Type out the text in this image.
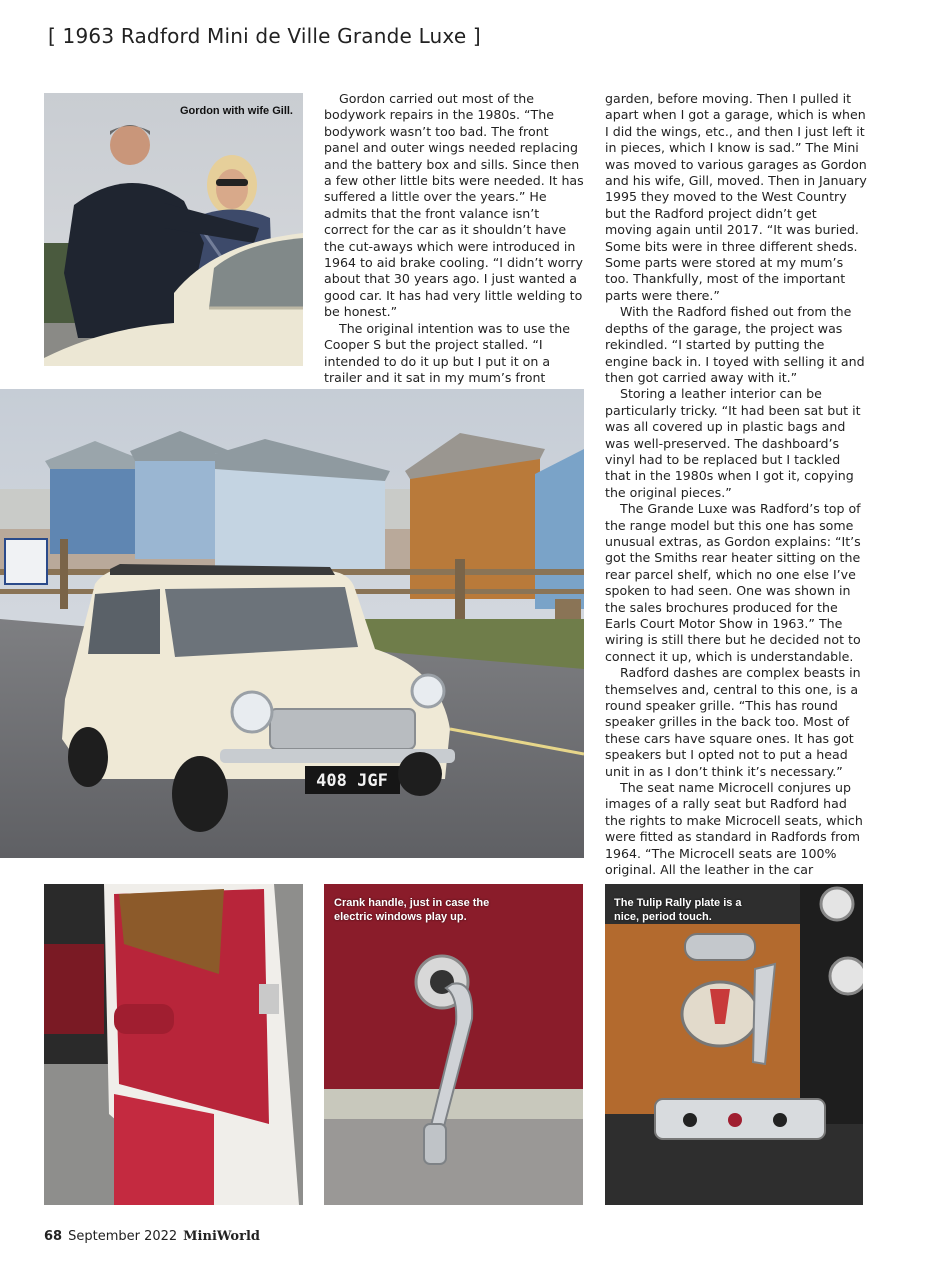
[ 1963 Radford Mini de Ville Grande Luxe ]
Gordon with wife Gill.

Gordon carried out most of the bodywork repairs in the 1980s. “The bodywork wasn’t too bad. The front panel and outer wings needed replacing and the battery box and sills. Since then a few other little bits were needed. It has suffered a little over the years.” He admits that the front valance isn’t correct for the car as it shouldn’t have the cut-aways which were introduced in 1964 to aid brake cooling. “I didn’t worry about that 30 years ago. I just wanted a good car. It has had very little welding to be honest.”

The original intention was to use the Cooper S but the project stalled. “I intended to do it up but I put it on a trailer and it sat in my mum’s front

garden, before moving. Then I pulled it apart when I got a garage, which is when I did the wings, etc., and then I just left it in pieces, which I know is sad.” The Mini was moved to various garages as Gordon and his wife, Gill, moved. Then in January 1995 they moved to the West Country but the Radford project didn’t get moving again until 2017. “It was buried. Some bits were in three different sheds. Some parts were stored at my mum’s too. Thankfully, most of the important parts were there.”

With the Radford fished out from the depths of the garage, the project was rekindled. “I started by putting the engine back in. I toyed with selling it and then got carried away with it.”

Storing a leather interior can be particularly tricky. “It had been sat but it was all covered up in plastic bags and was well-preserved. The dashboard’s vinyl had to be replaced but I tackled that in the 1980s when I got it, copying the original pieces.”

The Grande Luxe was Radford’s top of the range model but this one has some unusual extras, as Gordon explains: “It’s got the Smiths rear heater sitting on the rear parcel shelf, which no one else I’ve spoken to had seen. One was shown in the sales brochures produced for the Earls Court Motor Show in 1963.” The wiring is still there but he decided not to connect it up, which is understandable.

Radford dashes are complex beasts in themselves and, central to this one, is a round speaker grille. “This has round speaker grilles in the back too. Most of these cars have square ones. It has got speakers but I opted not to put a head unit in as I don’t think it’s necessary.”

The seat name Microcell conjures up images of a rally seat but Radford had the rights to make Microcell seats, which were fitted as standard in Radfords from 1964. “The Microcell seats are 100% original. All the leather in the car

408 JGF
Crank handle, just in case the electric windows play up.
The Tulip Rally plate is a nice, period touch.
68 September 2022 MiniWorld
